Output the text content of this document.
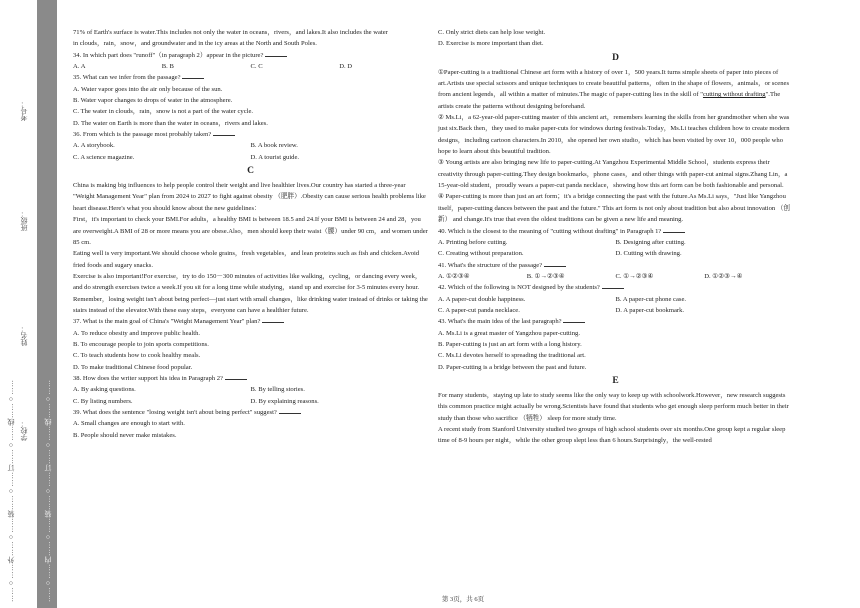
……○……外……○……装……○……订……○……线……○……
考号：
班级：
姓名：
学校： ……○……内……○……装……○……订……○……线……○……

71% of Earth's surface is water.This includes not only the water in oceans，rivers，and lakes.It also includes the water

in clouds，rain，snow，and groundwater and in the icy areas at the North and South Poles.

34. In which part does "runoff"（in paragraph 2）appear in the picture?

A. A	B. B	C. C	D. D

35. What can we infer from the passage?

A. Water vapor goes into the air only because of the sun.

B. Water vapor changes to drops of water in the atmosphere.

C. The water in clouds，rain，snow is not a part of the water cycle.

D. The water on Earth is more than the water in oceans，rivers and lakes.

36. From which is the passage most probably taken?

A. A storybook.	B. A book review.
C. A science magazine.	D. A tourist guide.
C

China is making big influences to help people control their weight and live healthier lives.Our country has started a three-year "Weight Management Year" plan from 2024 to 2027 to fight against obesity （肥胖）.Obesity can cause serious health problems like heart disease.Here's what you should know about the new guidelines：

First，it's important to check your BMI.For adults，a healthy BMI is between 18.5 and 24.If your BMI is between 24 and 28，you are overweight.A BMI of 28 or more means you are obese.Also，men should keep their waist（腰）under 90 cm，and women under 85 cm.

Eating well is very important.We should choose whole grains，fresh vegetables，and lean proteins such as fish and chicken.Avoid fried foods and sugary snacks.

Exercise is also important!For exercise，try to do 150－300 minutes of activities like walking，cycling，or dancing every week，and do strength exercises twice a week.If you sit for a long time while studying，stand up and exercise for 3-5 minutes every hour.

Remember，losing weight isn't about being perfect—just start with small changes，like drinking water instead of drinks or taking the stairs instead of the elevator.With these easy steps，everyone can have a healthier future.

37. What is the main goal of China's "Weight Management Year" plan?

A. To reduce obesity and improve public health.

B. To encourage people to join sports competitions.

C. To teach students how to cook healthy meals.

D. To make traditional Chinese food popular.

38. How does the writer support his idea in Paragraph 2?

A. By asking questions.	B. By telling stories.
C. By listing numbers.	D. By explaining reasons.

39. What does the sentence "losing weight isn't about being perfect" suggest?

A. Small changes are enough to start with.

B. People should never make mistakes.

C. Only strict diets can help lose weight.

D. Exercise is more important than diet.

D

①Paper-cutting is a traditional Chinese art form with a history of over 1，500 years.It turns simple sheets of paper into pieces of art.Artists use special scissors and unique techniques to create beautiful patterns，often in the shape of flowers，animals，or scenes from ancient legends，all within a matter of minutes.The magic of paper-cutting lies in the skill of "cutting without drafting".The artists create the patterns without designing beforehand.

② Ms.Li，a 62-year-old paper-cutting master of this ancient art，remembers learning the skills from her grandmother when she was just six.Back then，they used to make paper-cuts for windows during festivals.Today，Ms.Li teaches children how to create modern designs，including cartoon characters.In 2010，she opened her own studio，which has been visited by over 10，000 people who hope to learn about this beautiful tradition.

③ Young artists are also bringing new life to paper-cutting.At Yangzhou Experimental Middle School，students express their creativity through paper-cutting.They design bookmarks，phone cases，and other things with paper-cut animal signs.Zhang Lin，a 15-year-old student，proudly wears a paper-cut panda necklace，showing how this art form can be both fashionable and personal.

④ Paper-cutting is more than just an art form；it's a bridge connecting the past with the future.As Ms.Li says，"Just like Yangzhou itself，paper-cutting dances between the past and the future." This art form is not only about tradition but also about innovation （创新） and change.It's true that even the oldest traditions can be given a new life and meaning.

40. Which is the closest to the meaning of "cutting without drafting" in Paragraph 1?

A. Printing before cutting.	B. Designing after cutting.
C. Creating without preparation.	D. Cutting with drawing.

41. What's the structure of the passage?

A. ①②③④	B. ①→②③④	C. ①→②③④	D. ①②③→④

42. Which of the following is NOT designed by the students?

A. A paper-cut double happiness.	B. A paper-cut phone case.
C. A paper-cut panda necklace.	D. A paper-cut bookmark.

43. What's the main idea of the last paragraph?

A. Ms.Li is a great master of Yangzhou paper-cutting.

B. Paper-cutting is just an art form with a long history.

C. Ms.Li devotes herself to spreading the traditional art.

D. Paper-cutting is a bridge between the past and future.

E

For many students，staying up late to study seems like the only way to keep up with schoolwork.However，new research suggests this common practice might actually be wrong.Scientists have found that students who get enough sleep perform much better in their study than those who sacrifice （牺牲） sleep for more study time.

A recent study from Stanford University studied two groups of high school students over six months.One group kept a regular sleep time of 8-9 hours per night，while the other group slept less than 6 hours.Surprisingly，the well-rested

第 3页，共 6页
